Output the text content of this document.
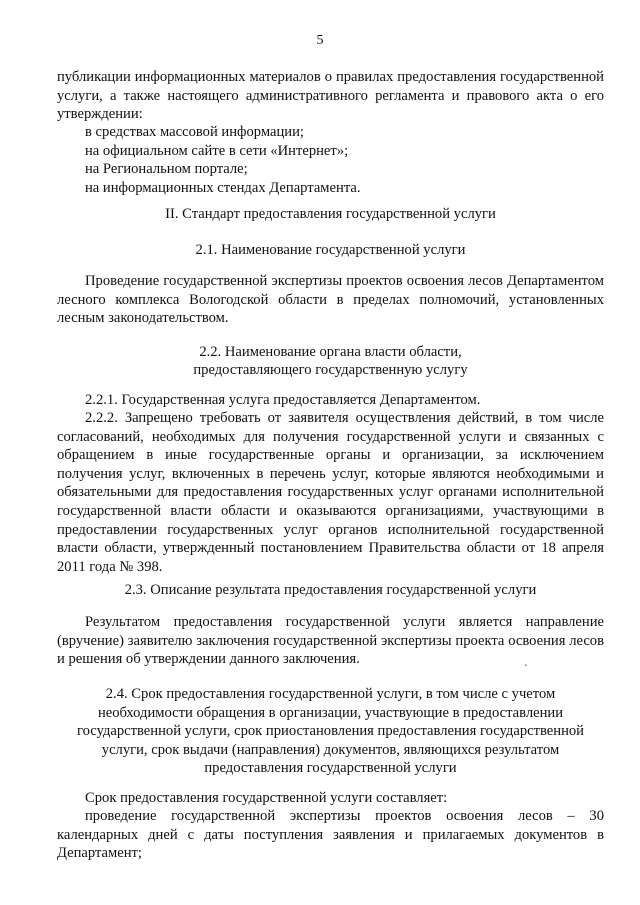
5

публикации информационных материалов о правилах предоставления государственной услуги, а также настоящего административного регламента и правового акта о его утверждении:

в средствах массовой информации;
на официальном сайте в сети «Интернет»;
на Региональном портале;
на информационных стендах Департамента.
II. Стандарт предоставления государственной услуги
2.1. Наименование государственной услуги

Проведение государственной экспертизы проектов освоения лесов Департаментом лесного комплекса Вологодской области в пределах полномочий, установленных лесным законодательством.

2.2. Наименование органа власти области,
предоставляющего государственную услугу

2.2.1. Государственная услуга предоставляется Департаментом.

2.2.2. Запрещено требовать от заявителя осуществления действий, в том числе согласований, необходимых для получения государственной услуги и связанных с обращением в иные государственные органы и организации, за исключением получения услуг, включенных в перечень услуг, которые являются необходимыми и обязательными для предоставления государственных услуг органами исполнительной государственной власти области и оказываются организациями, участвующими в предоставлении государственных услуг органов исполнительной государственной власти области, утвержденный постановлением Правительства области от 18 апреля 2011 года № 398.

2.3. Описание результата предоставления государственной услуги

Результатом предоставления государственной услуги является направление (вручение) заявителю заключения государственной экспертизы проекта освоения лесов и решения об утверждении данного заключения.	.
2.4. Срок предоставления государственной услуги, в том числе с учетом
необходимости обращения в организации, участвующие в предоставлении
государственной услуги, срок приостановления предоставления государственной
услуги, срок выдачи (направления) документов, являющихся результатом
предоставления государственной услуги

Срок предоставления государственной услуги составляет:

проведение государственной экспертизы проектов освоения лесов – 30 календарных дней с даты поступления заявления и прилагаемых документов в Департамент;
